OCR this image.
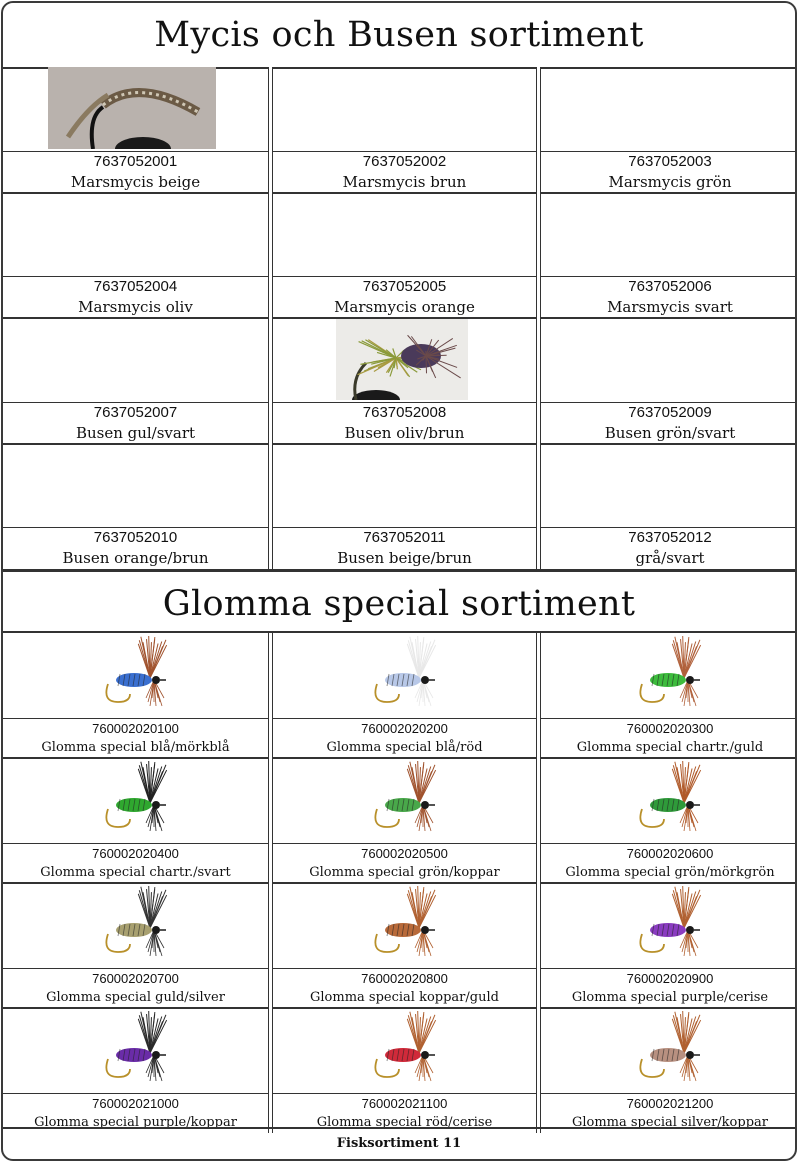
Mycis och Busen sortiment
7637052001
Marsmycis beige
7637052002
Marsmycis brun
7637052003
Marsmycis grön
7637052004
Marsmycis oliv
7637052005
Marsmycis orange
7637052006
Marsmycis svart
7637052007
Busen gul/svart
7637052008
Busen oliv/brun
7637052009
Busen grön/svart
7637052010
Busen orange/brun
7637052011
Busen beige/brun
7637052012
grå/svart
Glomma special sortiment
760002020100
Glomma special blå/mörkblå
760002020200
Glomma special blå/röd
760002020300
Glomma special chartr./guld
760002020400
Glomma special chartr./svart
760002020500
Glomma special grön/koppar
760002020600
Glomma special grön/mörkgrön
760002020700
Glomma special guld/silver
760002020800
Glomma special koppar/guld
760002020900
Glomma special purple/cerise
760002021000
Glomma special purple/koppar
760002021100
Glomma special röd/cerise
760002021200
Glomma special silver/koppar
Fisksortiment 11
